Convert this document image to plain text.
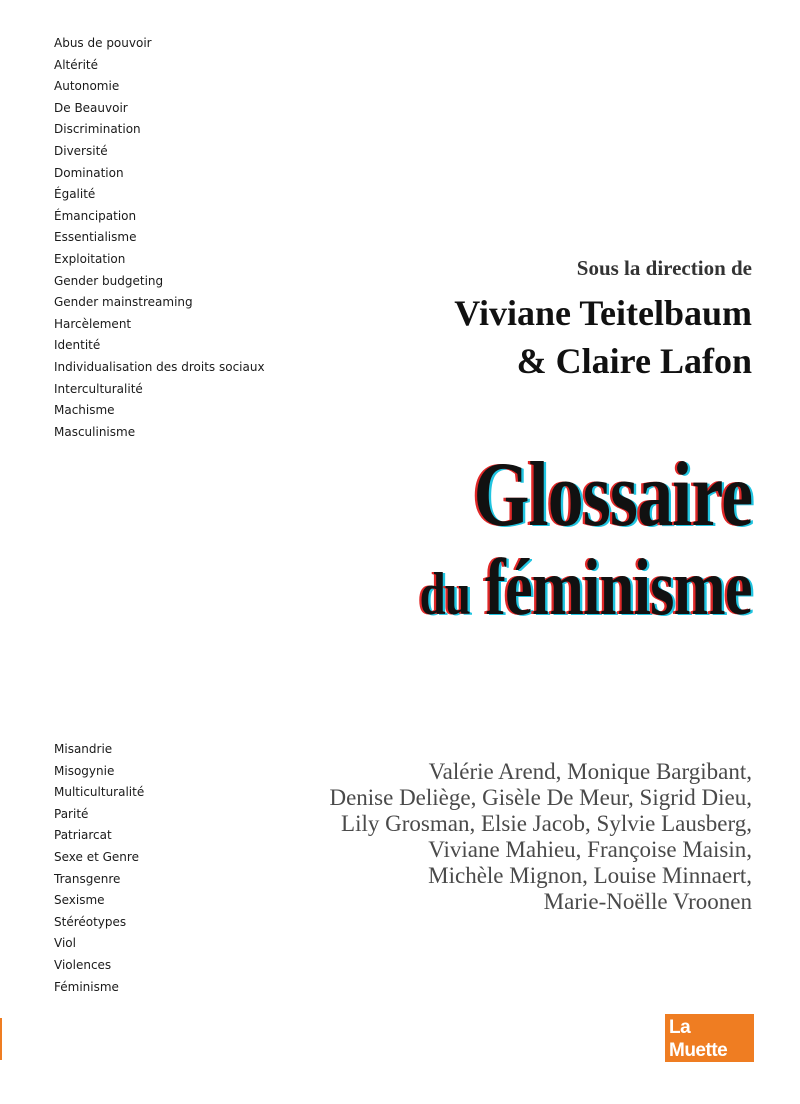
Abus de pouvoir
Altérité
Autonomie
De Beauvoir
Discrimination
Diversité
Domination
Égalité
Émancipation
Essentialisme
Exploitation
Gender budgeting
Gender mainstreaming
Harcèlement
Identité
Individualisation des droits sociaux
Interculturalité
Machisme
Masculinisme
Misandrie
Misogynie
Multiculturalité
Parité
Patriarcat
Sexe et Genre
Transgenre
Sexisme
Stéréotypes
Viol
Violences
Féminisme

Sous la direction de

Viviane Teitelbaum

& Claire Lafon

Glossaire
du féminisme
Valérie Arend, Monique Bargibant,
Denise Deliège, Gisèle De Meur, Sigrid Dieu,
Lily Grosman, Elsie Jacob, Sylvie Lausberg,
Viviane Mahieu, Françoise Maisin,
Michèle Mignon, Louise Minnaert,
Marie-Noëlle Vroonen
La Muette
Le Bord de l'eau
